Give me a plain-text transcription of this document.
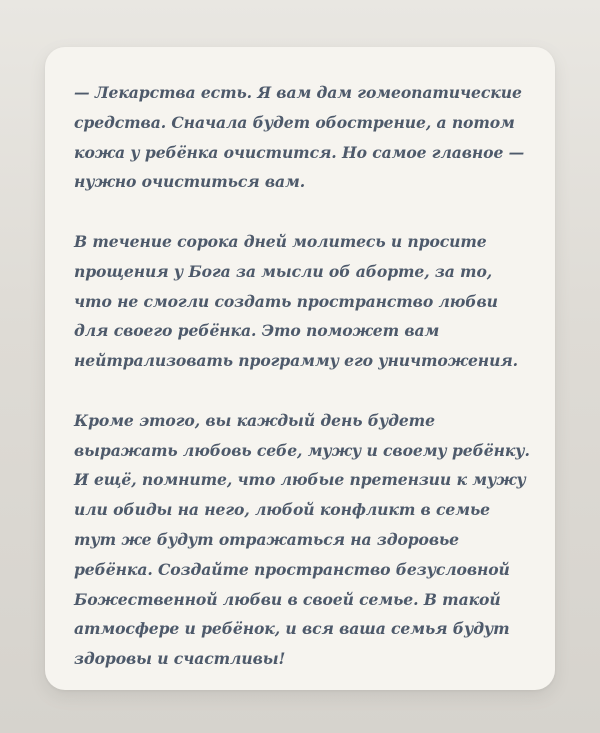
— Лекарства есть. Я вам дам гомеопатические
средства. Сначала будет обострение, а потом
кожа у ребёнка очистится. Но самое главное —
нужно очиститься вам.

В течение сорока дней молитесь и просите
прощения у Бога за мысли об аборте, за то,
что не смогли создать пространство любви
для своего ребёнка. Это поможет вам
нейтрализовать программу его уничтожения.

Кроме этого, вы каждый день будете
выражать любовь себе, мужу и своему ребёнку.
И ещё, помните, что любые претензии к мужу
или обиды на него, любой конфликт в семье
тут же будут отражаться на здоровье
ребёнка. Создайте пространство безусловной
Божественной любви в своей семье. В такой
атмосфере и ребёнок, и вся ваша семья будут
здоровы и счастливы!
